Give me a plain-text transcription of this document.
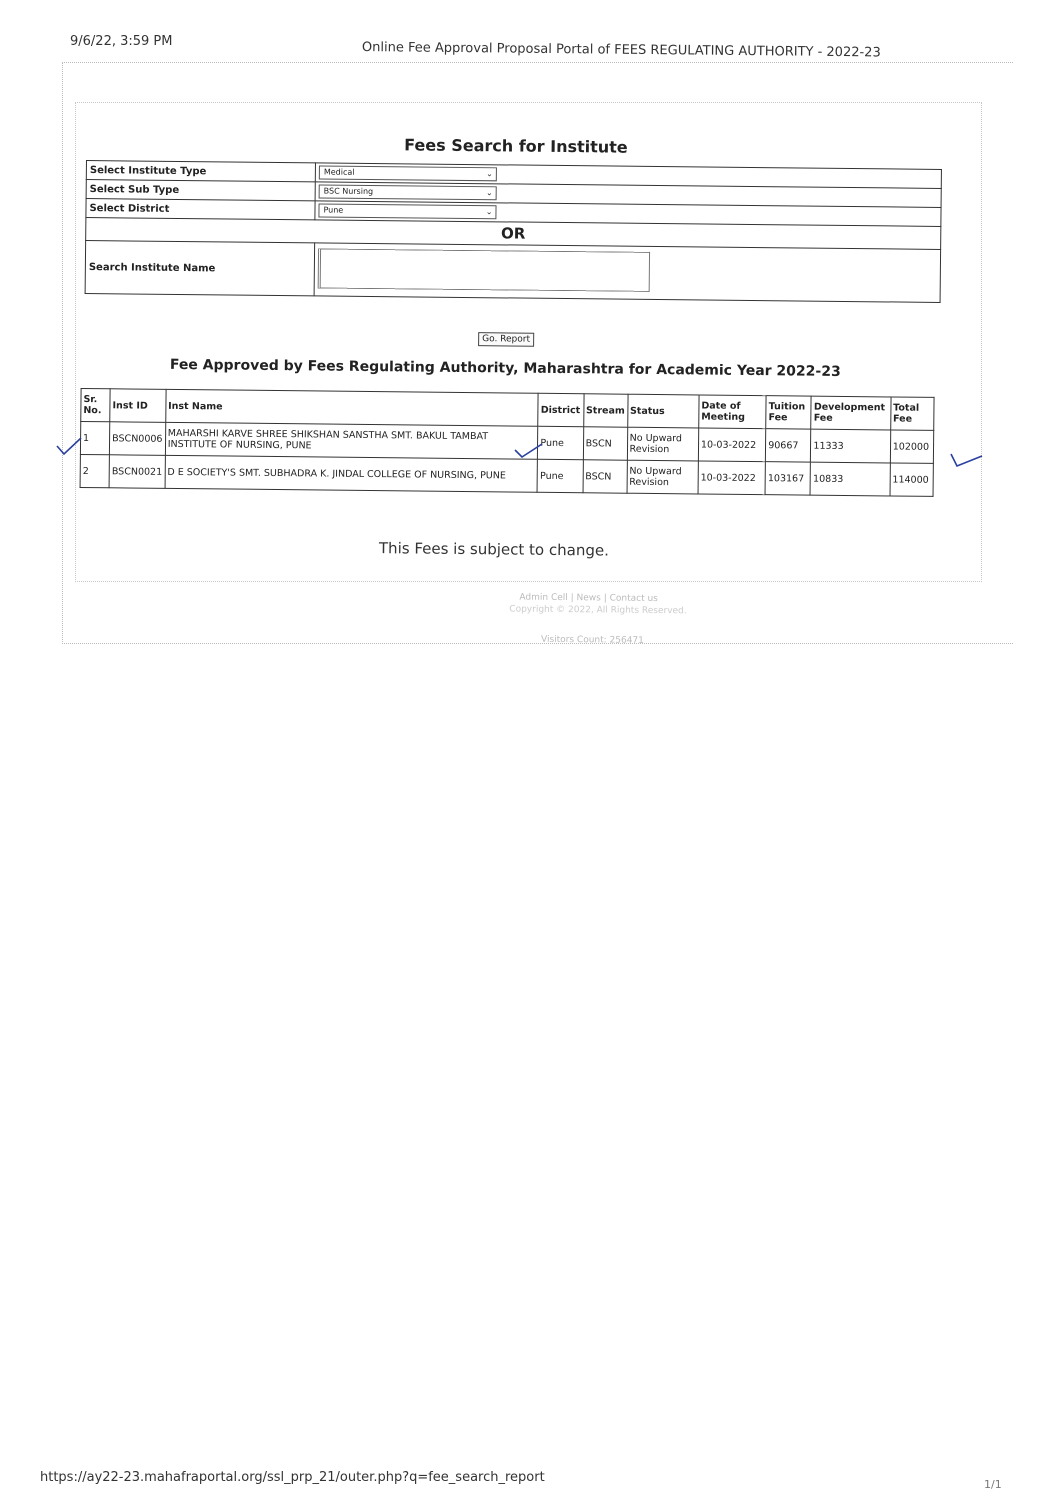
9/6/22, 3:59 PM	Online Fee Approval Proposal Portal of FEES REGULATING AUTHORITY - 2022-23
Fees Search for Institute
Select Institute Type	Medical ⌄

Select Sub Type	BSC Nursing ⌄

Select District	Pune ⌄

OR	
Search Institute Name	
Go. Report
Fee Approved by Fees Regulating Authority, Maharashtra for Academic Year 2022-23
Sr. No.	Inst ID	Inst Name	District	Stream	Status	Date of Meeting	Tuition Fee	Development Fee	Total Fee
1	BSCN0006	MAHARSHI KARVE SHREE SHIKSHAN SANSTHA SMT. BAKUL TAMBAT INSTITUTE OF NURSING, PUNE	Pune	BSCN	No Upward Revision	10-03-2022	90667	11333	102000
2	BSCN0021	D E SOCIETY'S SMT. SUBHADRA K. JINDAL COLLEGE OF NURSING, PUNE	Pune	BSCN	No Upward Revision	10-03-2022	103167	10833	114000
This Fees is subject to change.
Admin Cell | News | Contact us
Copyright © 2022, All Rights Reserved.
Visitors Count: 256471
https://ay22-23.mahafraportal.org/ssl_prp_21/outer.php?q=fee_search_report	1/1
